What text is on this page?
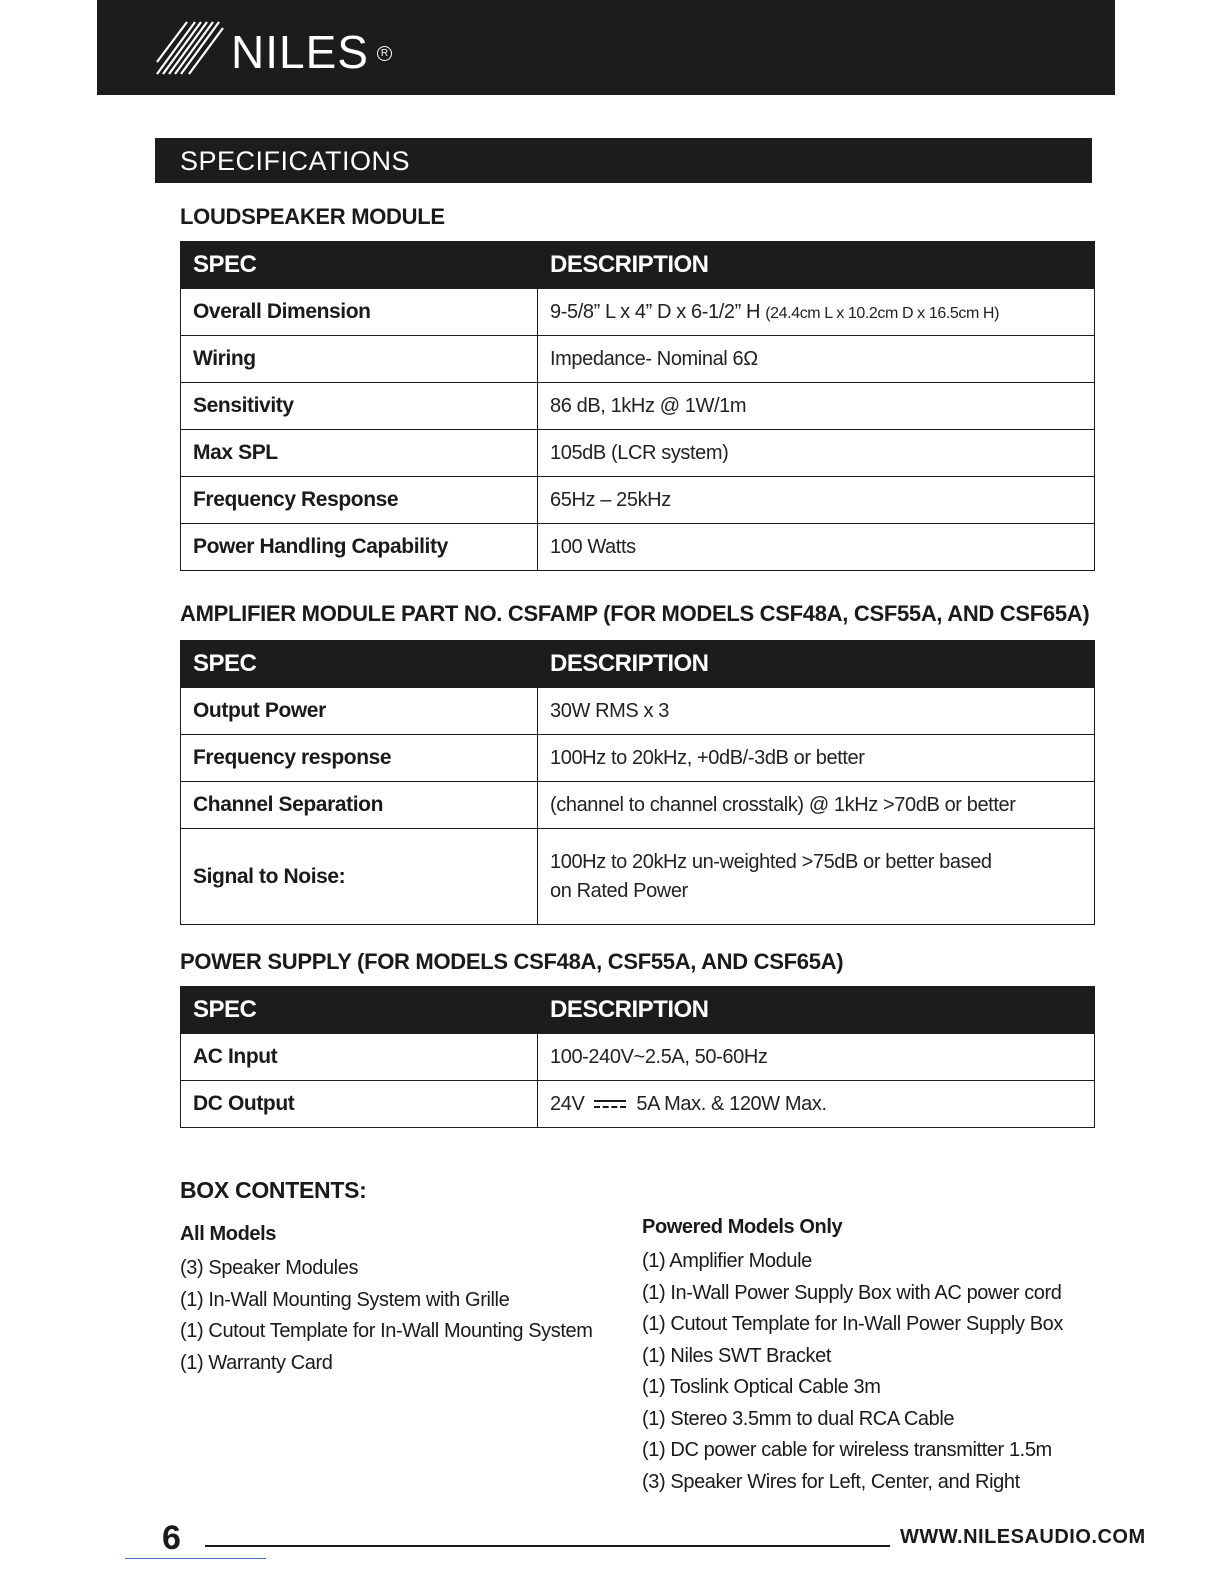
NILES	R
SPECIFICATIONS
LOUDSPEAKER MODULE
SPEC	DESCRIPTION
Overall Dimension	9-5/8” L x 4” D x 6-1/2” H (24.4cm L x 10.2cm D x 16.5cm H)
Wiring	Impedance- Nominal 6Ω
Sensitivity	86 dB, 1kHz @ 1W/1m
Max SPL	105dB (LCR system)
Frequency Response	65Hz – 25kHz
Power Handling Capability	100 Watts
AMPLIFIER MODULE PART NO. CSFAMP (FOR MODELS CSF48A, CSF55A, AND CSF65A)
SPEC	DESCRIPTION
Output Power	30W RMS x 3
Frequency response	100Hz to 20kHz, +0dB/-3dB or better
Channel Separation	(channel to channel crosstalk) @ 1kHz >70dB or better
Signal to Noise:	100Hz to 20kHz un-weighted >75dB or better based
on Rated Power
POWER SUPPLY (FOR MODELS CSF48A, CSF55A, AND CSF65A)
SPEC	DESCRIPTION
AC Input	100-240V~2.5A, 50-60Hz
DC Output	24V 5A Max. & 120W Max.
BOX CONTENTS:
All Models
(3) Speaker Modules
(1) In-Wall Mounting System with Grille
(1) Cutout Template for In-Wall Mounting System
(1) Warranty Card
Powered Models Only
(1) Amplifier Module
(1) In-Wall Power Supply Box with AC power cord
(1) Cutout Template for In-Wall Power Supply Box
(1) Niles SWT Bracket
(1) Toslink Optical Cable 3m
(1) Stereo 3.5mm to dual RCA Cable
(1) DC power cable for wireless transmitter 1.5m
(3) Speaker Wires for Left, Center, and Right
6	WWW.NILESAUDIO.COM
